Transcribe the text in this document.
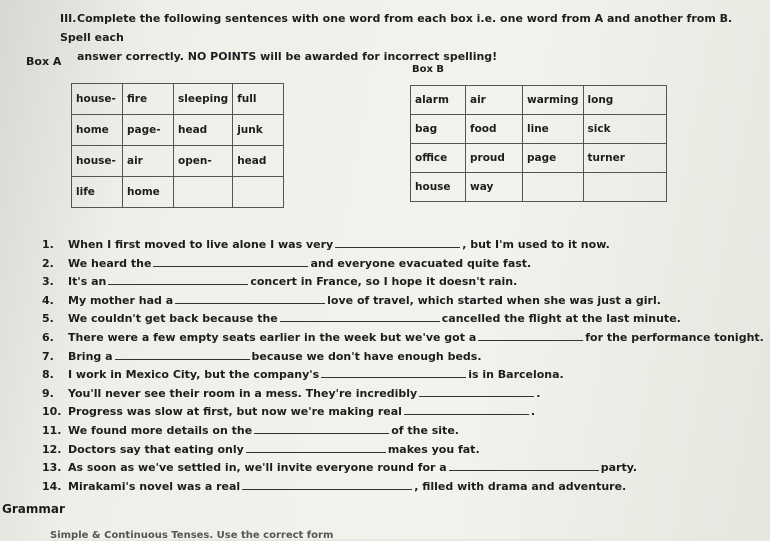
III.Complete the following sentences with one word from each box i.e. one word from A and another from B. Spell each
answer correctly. NO POINTS will be awarded for incorrect spelling!
Box A
Box B
house-	fire	sleeping	full
home	page-	head	junk
house-	air	open-	head
life	home		
alarm	air	warming	long
bag	food	line	sick
office	proud	page	turner
house	way		
1. When I first moved to live alone I was very	, but I'm used to it now.
2. We heard the	and everyone evacuated quite fast.
3. It's an	concert in France, so I hope it doesn't rain.
4. My mother had a	love of travel, which started when she was just a girl.
5. We couldn't get back because the	cancelled the flight at the last minute.
6. There were a few empty seats earlier in the week but we've got a	for the performance tonight.
7. Bring a	because we don't have enough beds.
8. I work in Mexico City, but the company's	is in Barcelona.
9. You'll never see their room in a mess. They're incredibly	.
10. Progress was slow at first, but now we're making real	.
11. We found more details on the	of the site.
12. Doctors say that eating only	makes you fat.
13. As soon as we've settled in, we'll invite everyone round for a	party.
14. Mirakami's novel was a real	, filled with drama and adventure.
Grammar
Simple & Continuous Tenses. Use the correct form
